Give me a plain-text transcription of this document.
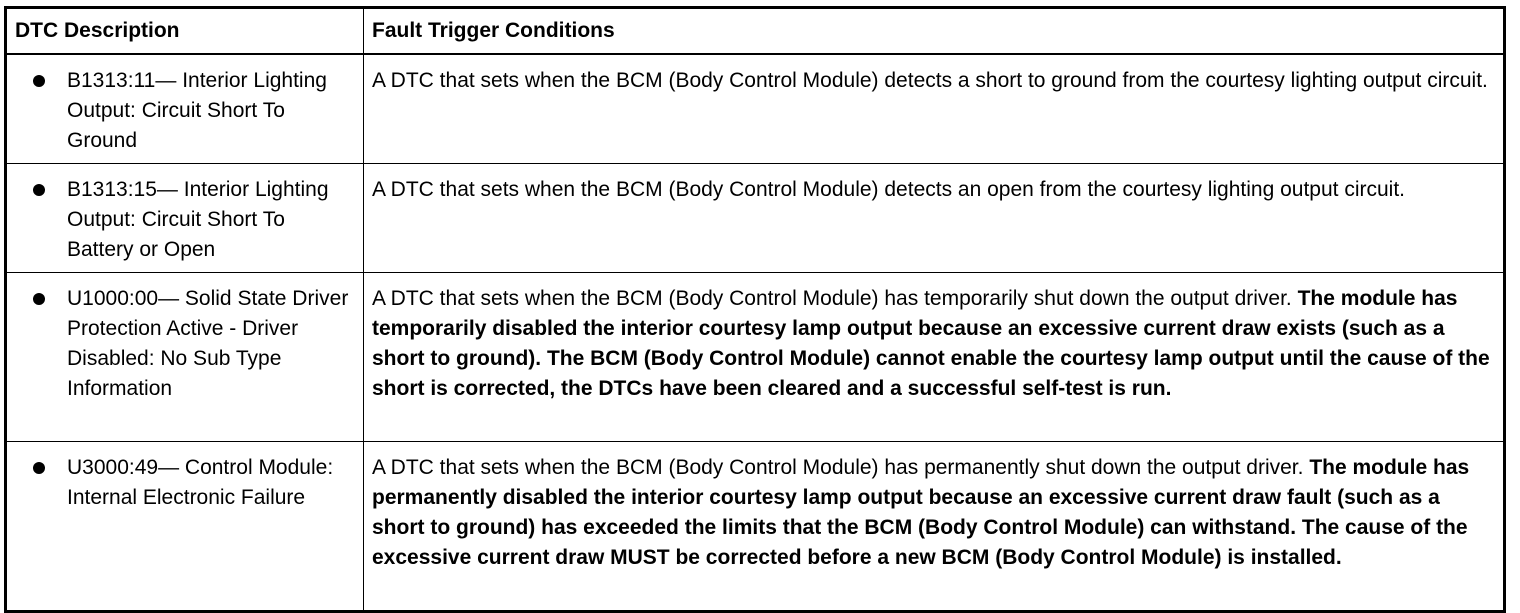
DTC Description	Fault Trigger Conditions

B1313:11— Interior Lighting Output: Circuit Short To Ground	A DTC that sets when the BCM (Body Control Module) detects a short to ground from the courtesy lighting output circuit.

B1313:15— Interior Lighting Output: Circuit Short To Battery or Open	A DTC that sets when the BCM (Body Control Module) detects an open from the courtesy lighting output circuit.

U1000:00— Solid State Driver Protection Active - Driver Disabled: No Sub Type Information	A DTC that sets when the BCM (Body Control Module) has temporarily shut down the output driver. The module has temporarily disabled the interior courtesy lamp output because an excessive current draw exists (such as a short to ground). The BCM (Body Control Module) cannot enable the courtesy lamp output until the cause of the short is corrected, the DTCs have been cleared and a successful self-test is run.

U3000:49— Control Module: Internal Electronic Failure	A DTC that sets when the BCM (Body Control Module) has permanently shut down the output driver. The module has permanently disabled the interior courtesy lamp output because an excessive current draw fault (such as a short to ground) has exceeded the limits that the BCM (Body Control Module) can withstand. The cause of the excessive current draw MUST be corrected before a new BCM (Body Control Module) is installed.
